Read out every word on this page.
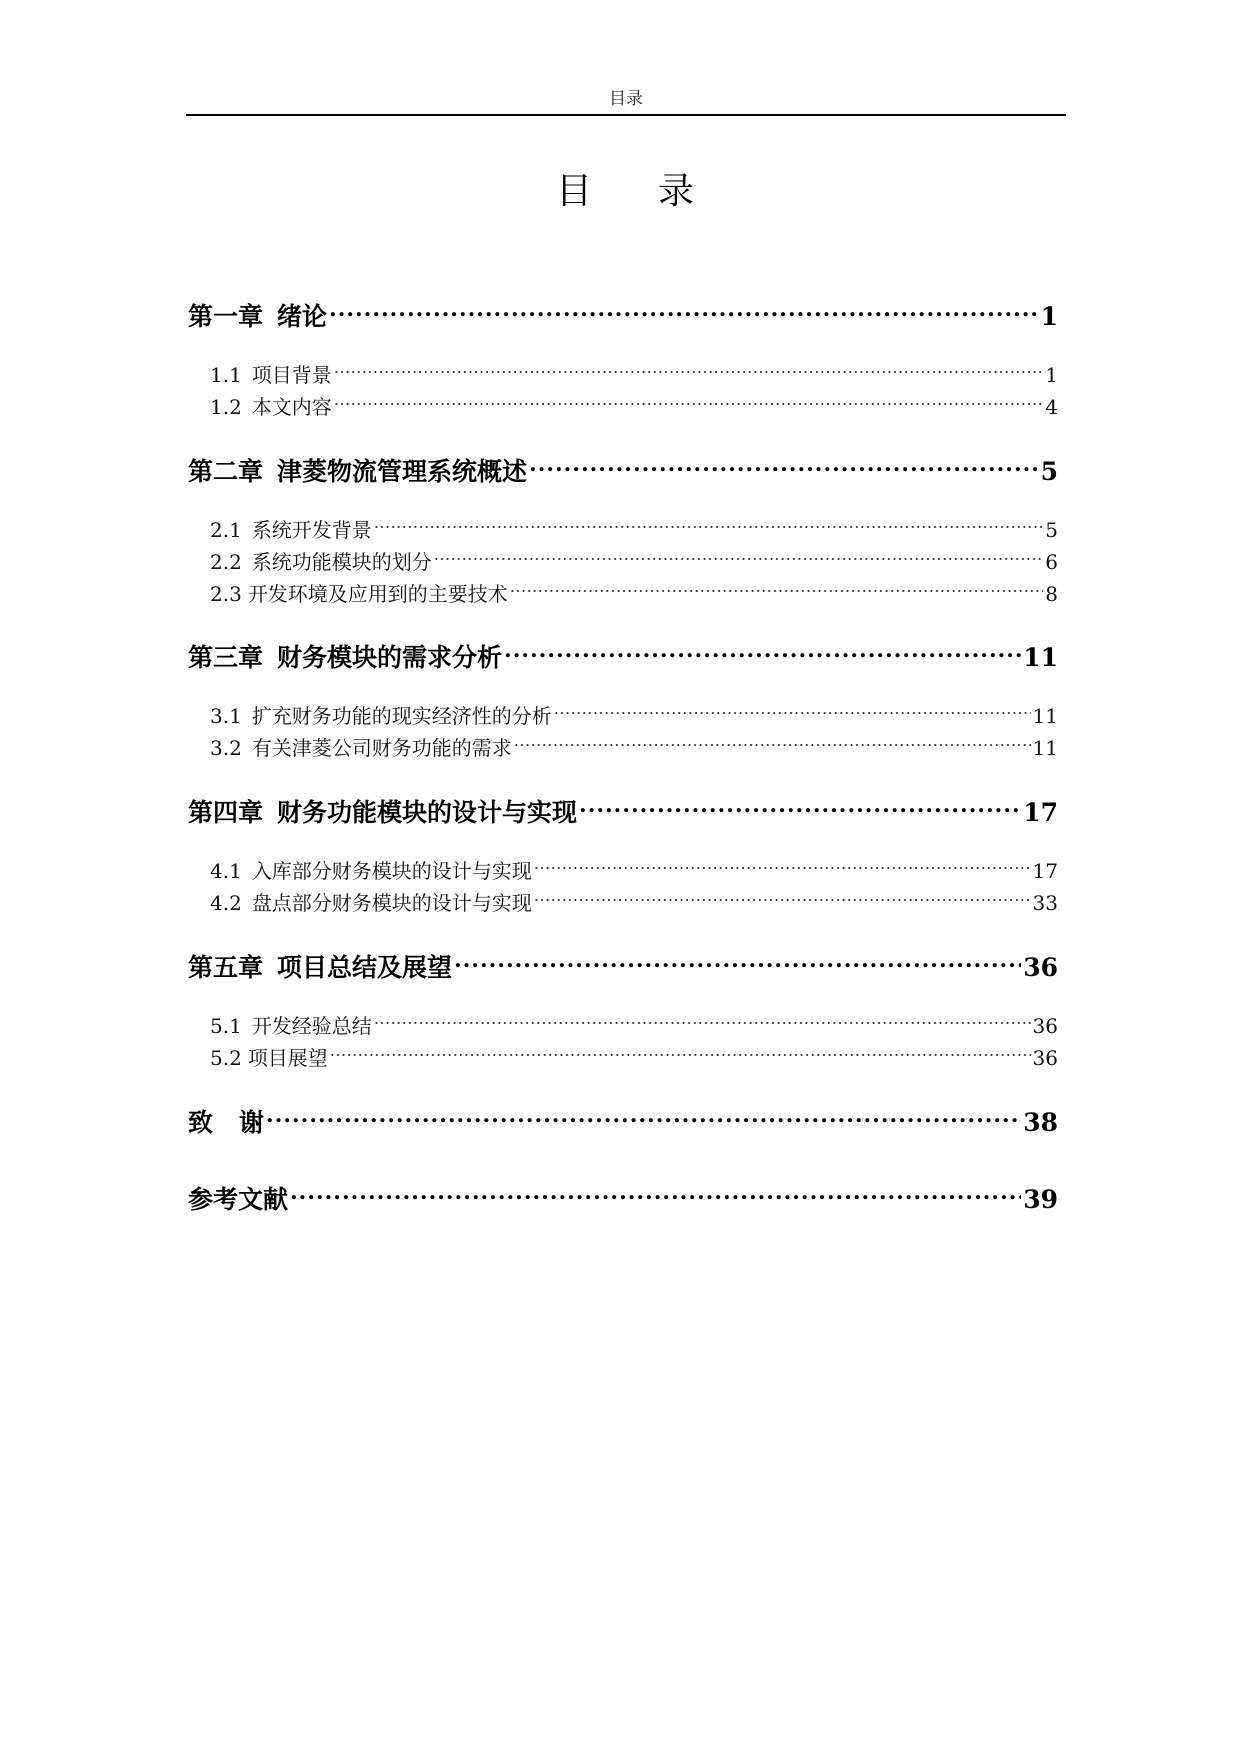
目录
目 录
第一章 绪论 .....	1
1.1 项目背景 .....	1
1.2 本文内容 .....	4
第二章 津菱物流管理系统概述 .....	5
2.1 系统开发背景 .....	5
2.2 系统功能模块的划分 .....	6
2.3 开发环境及应用到的主要技术 .....	8
第三章 财务模块的需求分析 .....	11
3.1 扩充财务功能的现实经济性的分析 .....	11
3.2 有关津菱公司财务功能的需求 .....	11
第四章 财务功能模块的设计与实现 .....	17
4.1 入库部分财务模块的设计与实现 .....	17
4.2 盘点部分财务模块的设计与实现 .....	33
第五章 项目总结及展望 .....	36
5.1 开发经验总结 .....	36
5.2 项目展望 .....	36
致 谢 .....	38
参考文献 .....	39
